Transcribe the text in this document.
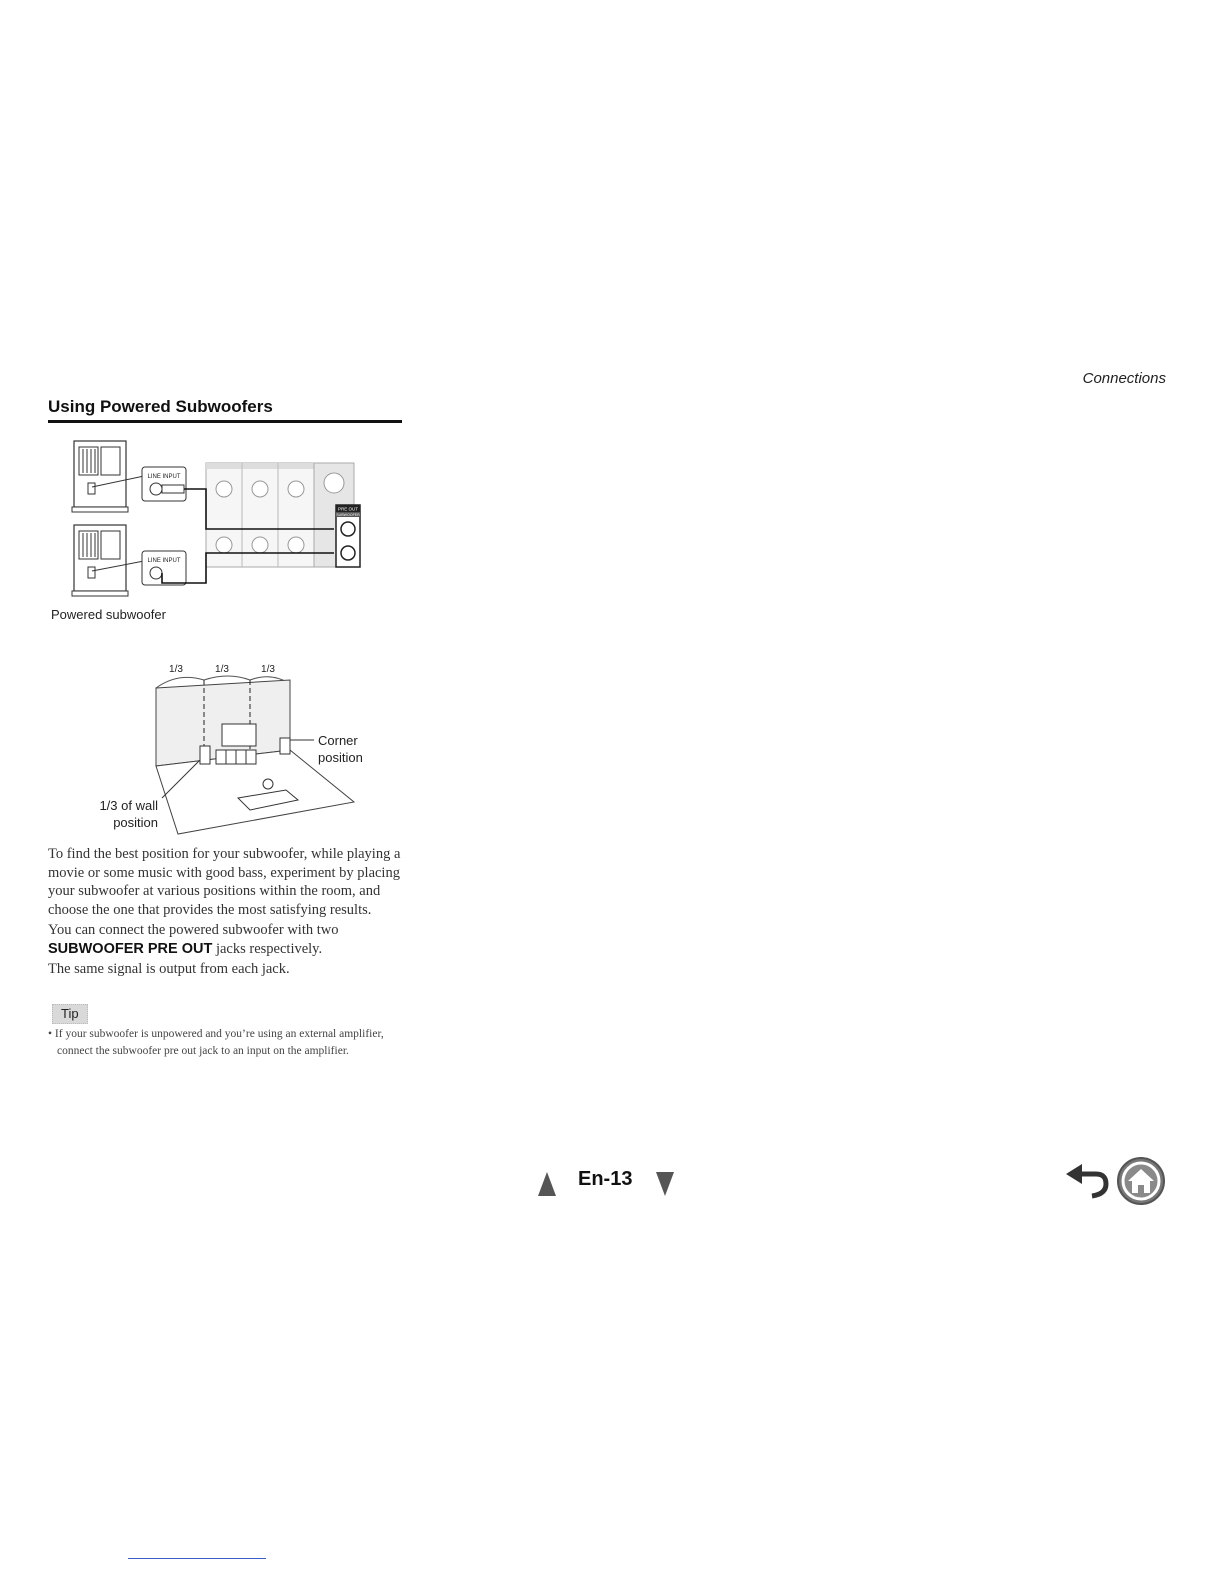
Connections
Using Powered Subwoofers
LINE INPUT
LINE INPUT
PRE OUT
SUBWOOFER
Powered subwoofer
1/3	1/3	1/3
Corner
position
1/3 of wall
position

To find the best position for your subwoofer, while playing a movie or some music with good bass, experiment by placing your subwoofer at various positions within the room, and choose the one that provides the most satisfying results.

You can connect the powered subwoofer with two SUBWOOFER PRE OUT jacks respectively.

The same signal is output from each jack.

Tip
• If your subwoofer is unpowered and you’re using an external amplifier, connect the subwoofer pre out jack to an input on the amplifier.
En-13
